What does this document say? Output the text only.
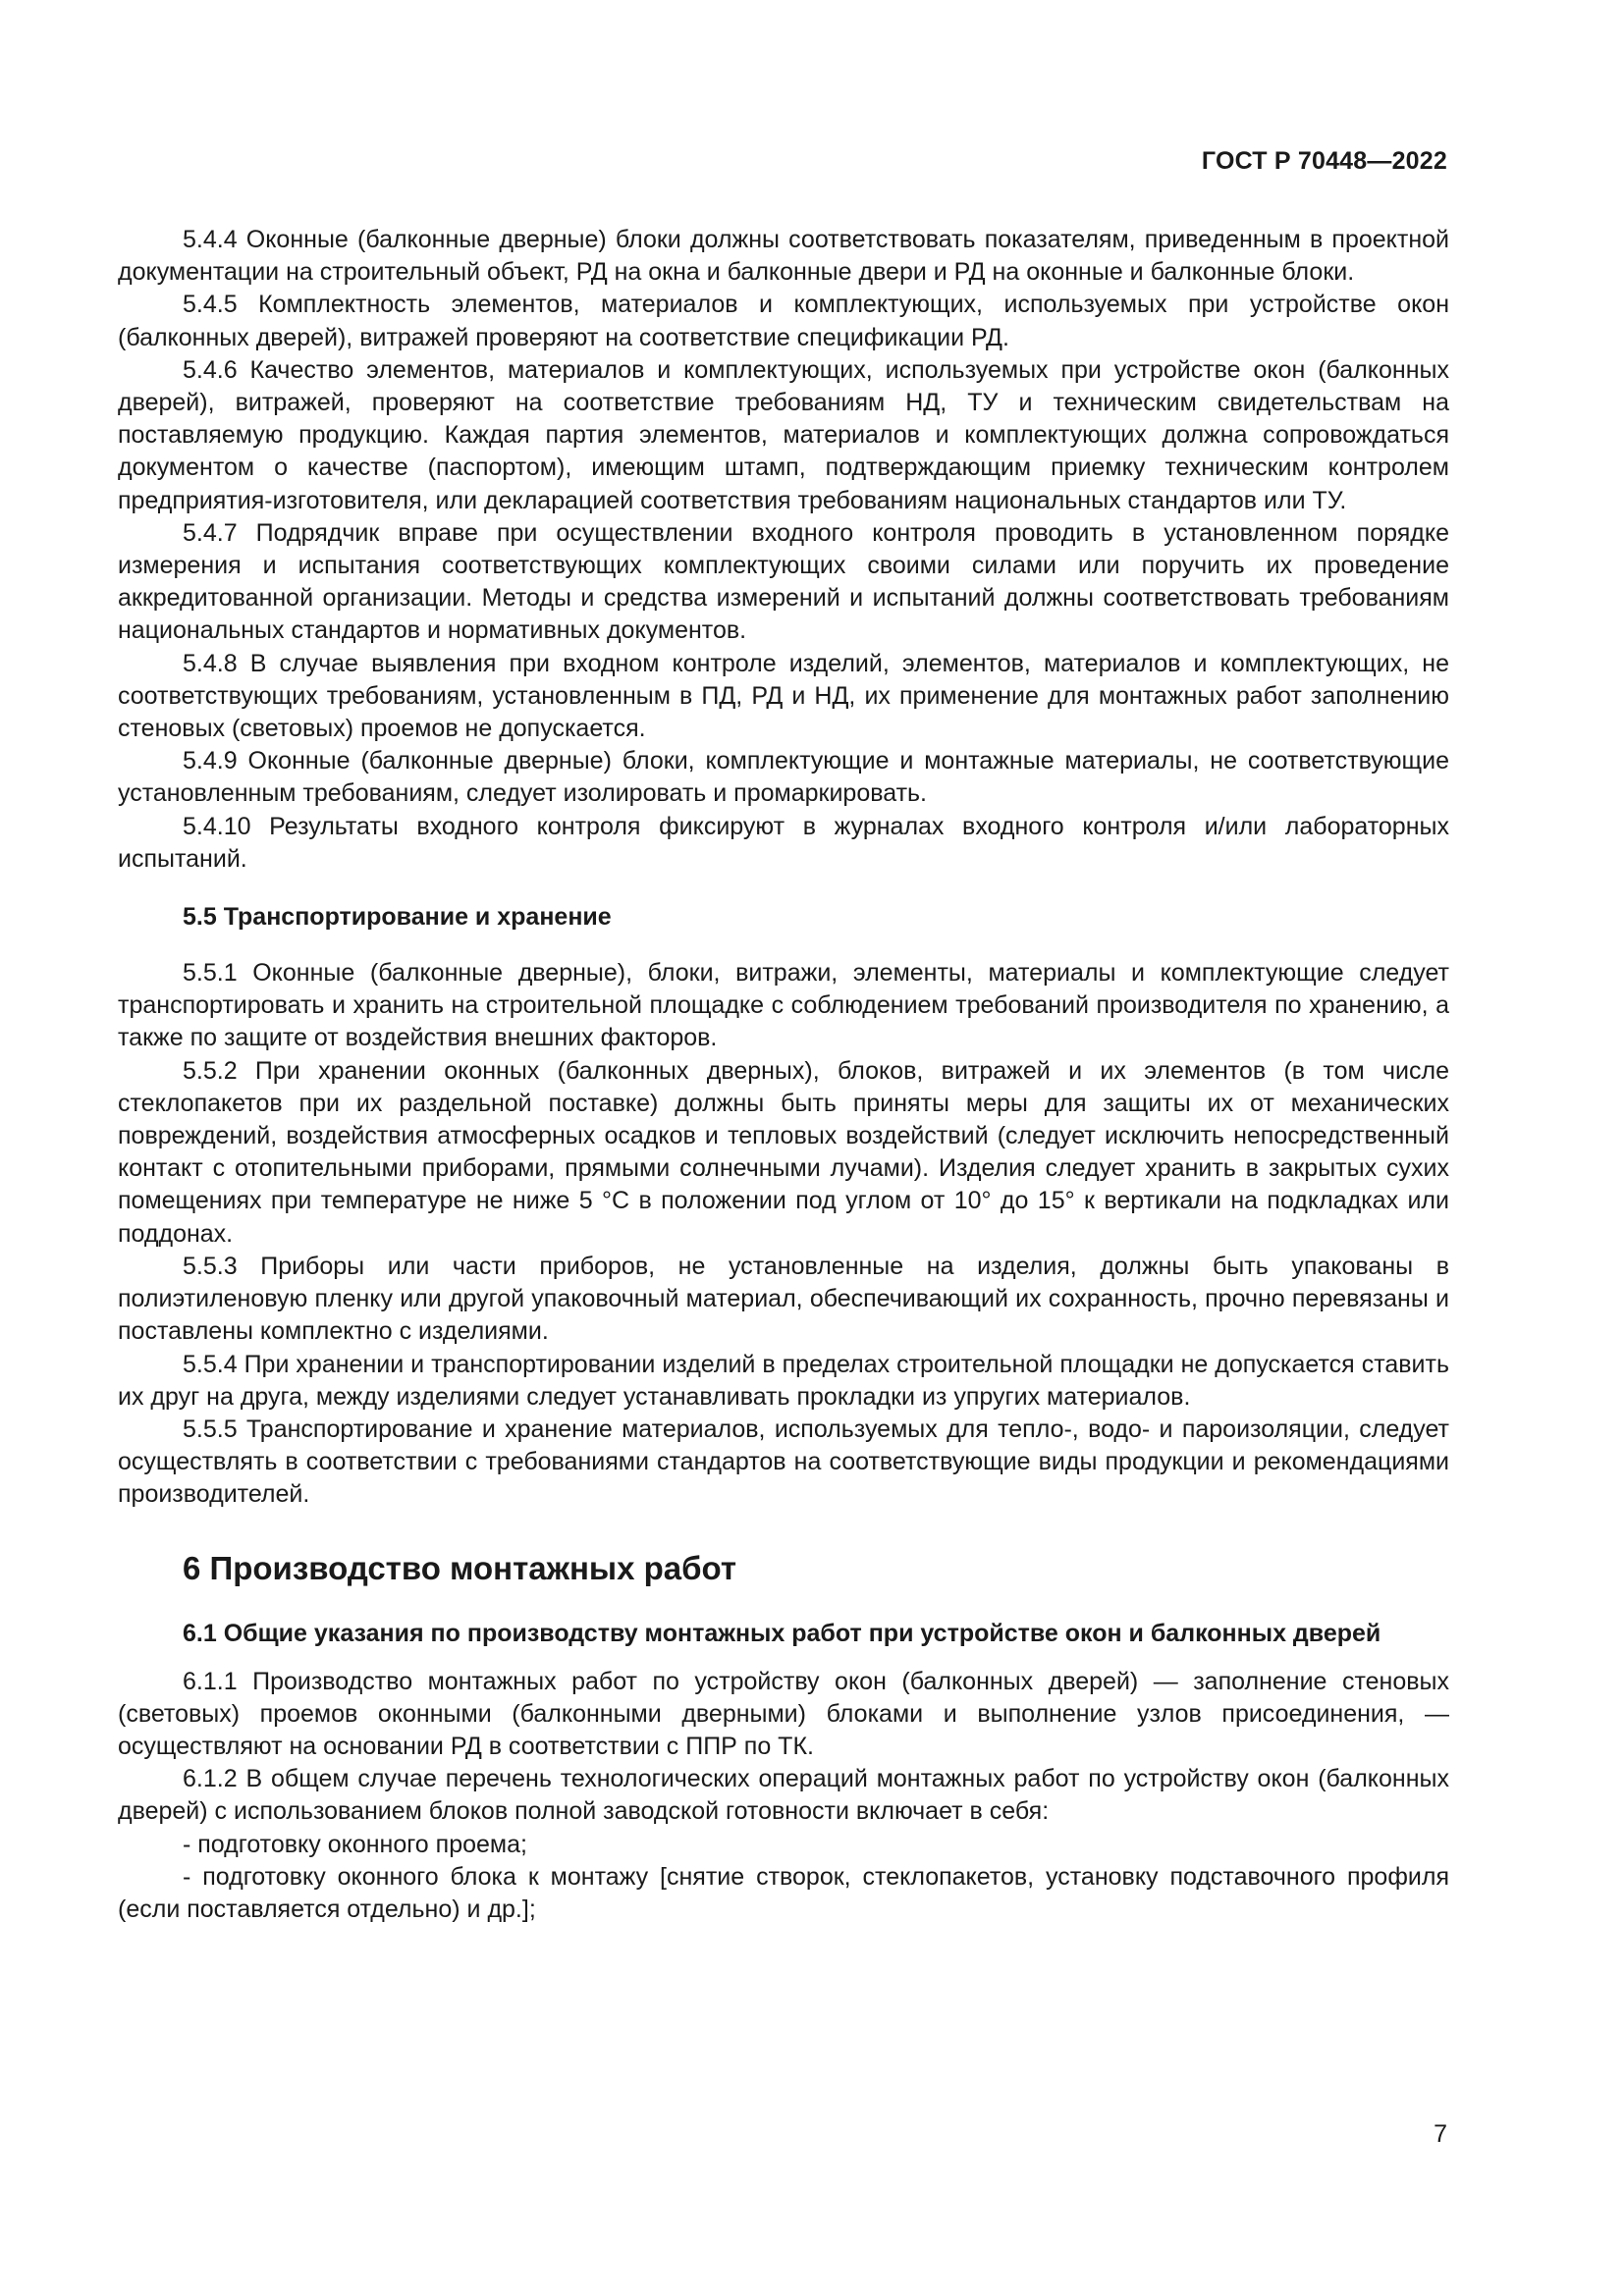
ГОСТ Р 70448—2022

5.4.4 Оконные (балконные дверные) блоки должны соответствовать показателям, приведенным в проектной документации на строительный объект, РД на окна и балконные двери и РД на оконные и балконные блоки.

5.4.5 Комплектность элементов, материалов и комплектующих, используемых при устройстве окон (балконных дверей), витражей проверяют на соответствие спецификации РД.

5.4.6 Качество элементов, материалов и комплектующих, используемых при устройстве окон (балконных дверей), витражей, проверяют на соответствие требованиям НД, ТУ и техническим свидетельствам на поставляемую продукцию. Каждая партия элементов, материалов и комплектующих должна сопровождаться документом о качестве (паспортом), имеющим штамп, подтверждающим приемку техническим контролем предприятия-изготовителя, или декларацией соответствия требованиям национальных стандартов или ТУ.

5.4.7 Подрядчик вправе при осуществлении входного контроля проводить в установленном порядке измерения и испытания соответствующих комплектующих своими силами или поручить их проведение аккредитованной организации. Методы и средства измерений и испытаний должны соответствовать требованиям национальных стандартов и нормативных документов.

5.4.8 В случае выявления при входном контроле изделий, элементов, материалов и комплектующих, не соответствующих требованиям, установленным в ПД, РД и НД, их применение для монтажных работ заполнению стеновых (световых) проемов не допускается.

5.4.9 Оконные (балконные дверные) блоки, комплектующие и монтажные материалы, не соответствующие установленным требованиям, следует изолировать и промаркировать.

5.4.10 Результаты входного контроля фиксируют в журналах входного контроля и/или лабораторных испытаний.

5.5 Транспортирование и хранение

5.5.1 Оконные (балконные дверные), блоки, витражи, элементы, материалы и комплектующие следует транспортировать и хранить на строительной площадке с соблюдением требований производителя по хранению, а также по защите от воздействия внешних факторов.

5.5.2 При хранении оконных (балконных дверных), блоков, витражей и их элементов (в том числе стеклопакетов при их раздельной поставке) должны быть приняты меры для защиты их от механических повреждений, воздействия атмосферных осадков и тепловых воздействий (следует исключить непосредственный контакт с отопительными приборами, прямыми солнечными лучами). Изделия следует хранить в закрытых сухих помещениях при температуре не ниже 5 °С в положении под углом от 10° до 15° к вертикали на подкладках или поддонах.

5.5.3 Приборы или части приборов, не установленные на изделия, должны быть упакованы в полиэтиленовую пленку или другой упаковочный материал, обеспечивающий их сохранность, прочно перевязаны и поставлены комплектно с изделиями.

5.5.4 При хранении и транспортировании изделий в пределах строительной площадки не допускается ставить их друг на друга, между изделиями следует устанавливать прокладки из упругих материалов.

5.5.5 Транспортирование и хранение материалов, используемых для тепло-, водо- и пароизоляции, следует осуществлять в соответствии с требованиями стандартов на соответствующие виды продукции и рекомендациями производителей.

6 Производство монтажных работ
6.1 Общие указания по производству монтажных работ при устройстве окон и балконных дверей

6.1.1 Производство монтажных работ по устройству окон (балконных дверей) — заполнение стеновых (световых) проемов оконными (балконными дверными) блоками и выполнение узлов присоединения, — осуществляют на основании РД в соответствии с ППР по ТК.

6.1.2 В общем случае перечень технологических операций монтажных работ по устройству окон (балконных дверей) с использованием блоков полной заводской готовности включает в себя:

- подготовку оконного проема;

- подготовку оконного блока к монтажу [снятие створок, стеклопакетов, установку подставочного профиля (если поставляется отдельно) и др.];

7
